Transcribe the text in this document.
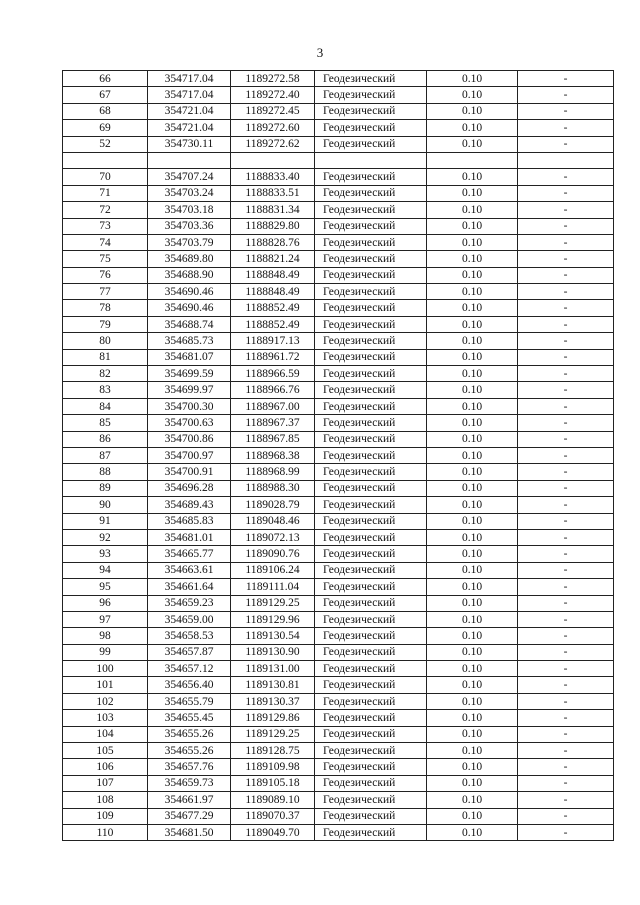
3
66	354717.04	1189272.58	Геодезический	0.10	-
67	354717.04	1189272.40	Геодезический	0.10	-
68	354721.04	1189272.45	Геодезический	0.10	-
69	354721.04	1189272.60	Геодезический	0.10	-
52	354730.11	1189272.62	Геодезический	0.10	-

70	354707.24	1188833.40	Геодезический	0.10	-
71	354703.24	1188833.51	Геодезический	0.10	-
72	354703.18	1188831.34	Геодезический	0.10	-
73	354703.36	1188829.80	Геодезический	0.10	-
74	354703.79	1188828.76	Геодезический	0.10	-
75	354689.80	1188821.24	Геодезический	0.10	-
76	354688.90	1188848.49	Геодезический	0.10	-
77	354690.46	1188848.49	Геодезический	0.10	-
78	354690.46	1188852.49	Геодезический	0.10	-
79	354688.74	1188852.49	Геодезический	0.10	-
80	354685.73	1188917.13	Геодезический	0.10	-
81	354681.07	1188961.72	Геодезический	0.10	-
82	354699.59	1188966.59	Геодезический	0.10	-
83	354699.97	1188966.76	Геодезический	0.10	-
84	354700.30	1188967.00	Геодезический	0.10	-
85	354700.63	1188967.37	Геодезический	0.10	-
86	354700.86	1188967.85	Геодезический	0.10	-
87	354700.97	1188968.38	Геодезический	0.10	-
88	354700.91	1188968.99	Геодезический	0.10	-
89	354696.28	1188988.30	Геодезический	0.10	-
90	354689.43	1189028.79	Геодезический	0.10	-
91	354685.83	1189048.46	Геодезический	0.10	-
92	354681.01	1189072.13	Геодезический	0.10	-
93	354665.77	1189090.76	Геодезический	0.10	-
94	354663.61	1189106.24	Геодезический	0.10	-
95	354661.64	1189111.04	Геодезический	0.10	-
96	354659.23	1189129.25	Геодезический	0.10	-
97	354659.00	1189129.96	Геодезический	0.10	-
98	354658.53	1189130.54	Геодезический	0.10	-
99	354657.87	1189130.90	Геодезический	0.10	-
100	354657.12	1189131.00	Геодезический	0.10	-
101	354656.40	1189130.81	Геодезический	0.10	-
102	354655.79	1189130.37	Геодезический	0.10	-
103	354655.45	1189129.86	Геодезический	0.10	-
104	354655.26	1189129.25	Геодезический	0.10	-
105	354655.26	1189128.75	Геодезический	0.10	-
106	354657.76	1189109.98	Геодезический	0.10	-
107	354659.73	1189105.18	Геодезический	0.10	-
108	354661.97	1189089.10	Геодезический	0.10	-
109	354677.29	1189070.37	Геодезический	0.10	-
110	354681.50	1189049.70	Геодезический	0.10	-
